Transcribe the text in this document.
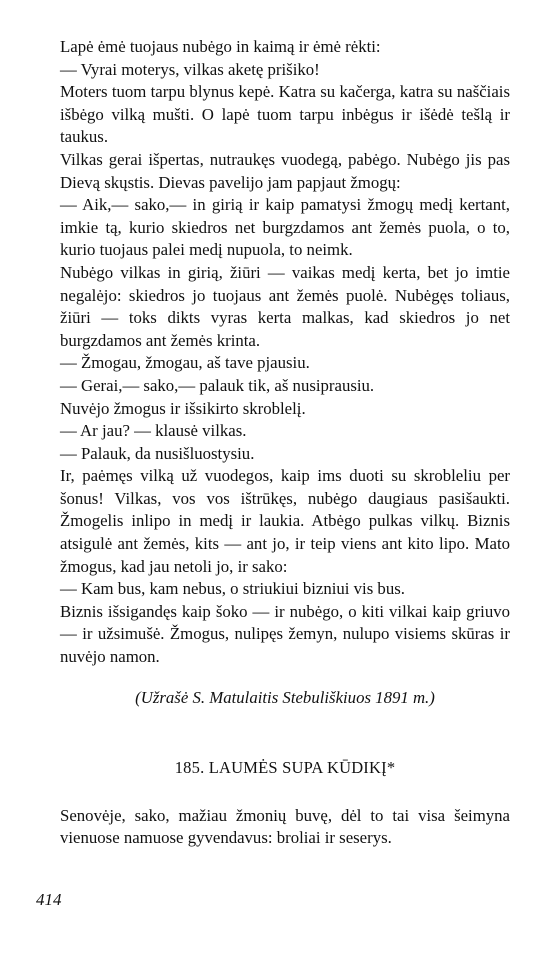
Lapė ėmė tuojaus nubėgo in kaimą ir ėmė rėkti:

— Vyrai moterys, vilkas aketę prišiko!

Moters tuom tarpu blynus kepė. Katra su kačerga, katra su naščiais išbėgo vilką mušti. O lapė tuom tarpu inbėgus ir išėdė tešlą ir taukus.

Vilkas gerai išpertas, nutraukęs vuodegą, pabėgo. Nubėgo jis pas Dievą skųstis. Dievas pavelijo jam papjaut žmogų:

— Aik,— sako,— in girią ir kaip pamatysi žmogų medį kertant, imkie tą, kurio skiedros net burgzdamos ant žemės puola, o to, kurio tuojaus palei medį nupuola, to neimk.

Nubėgo vilkas in girią, žiūri — vaikas medį kerta, bet jo imtie negalėjo: skiedros jo tuojaus ant žemės puolė. Nubėgęs toliaus, žiūri — toks dikts vyras kerta malkas, kad skiedros jo net burgzdamos ant žemės krinta.

— Žmogau, žmogau, aš tave pjausiu.

— Gerai,— sako,— palauk tik, aš nusiprausiu.

Nuvėjo žmogus ir išsikirto skroblelį.

— Ar jau? — klausė vilkas.

— Palauk, da nusišluostysiu.

Ir, paėmęs vilką už vuodegos, kaip ims duoti su skrobleliu per šonus! Vilkas, vos vos ištrūkęs, nubėgo daugiaus pasišaukti. Žmogelis inlipo in medį ir laukia. Atbėgo pulkas vilkų. Biznis atsigulė ant žemės, kits — ant jo, ir teip viens ant kito lipo. Mato žmogus, kad jau netoli jo, ir sako:

— Kam bus, kam nebus, o striukiui bizniui vis bus.

Biznis išsigandęs kaip šoko — ir nubėgo, o kiti vilkai kaip griuvo — ir užsimušė. Žmogus, nulipęs žemyn, nulupo visiems skūras ir nuvėjo namon.

(Užrašė S. Matulaitis Stebuliškiuos 1891 m.)
185. LAUMĖS SUPA KŪDIKĮ*

Senovėje, sako, mažiau žmonių buvę, dėl to tai visa šeimyna vienuose namuose gyvendavus: broliai ir seserys.

414
